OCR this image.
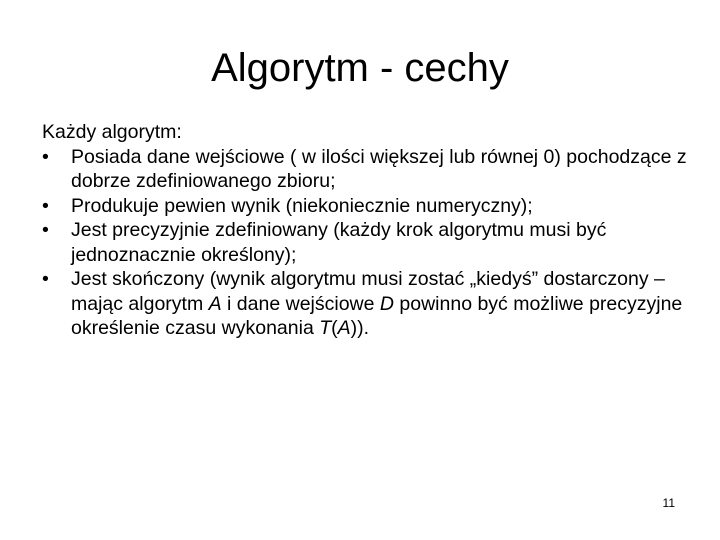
Algorytm - cechy

Każdy algorytm:

•	Posiada dane wejściowe ( w ilości większej lub równej 0) pochodzące z dobrze zdefiniowanego zbioru;
•	Produkuje pewien wynik (niekoniecznie numeryczny);
•	Jest precyzyjnie zdefiniowany (każdy krok algorytmu musi być jednoznacznie określony);
•	Jest skończony (wynik algorytmu musi zostać „kiedyś” dostarczony – mając algorytm A i dane wejściowe D powinno być możliwe precyzyjne określenie czasu wykonania T(A)).
11
